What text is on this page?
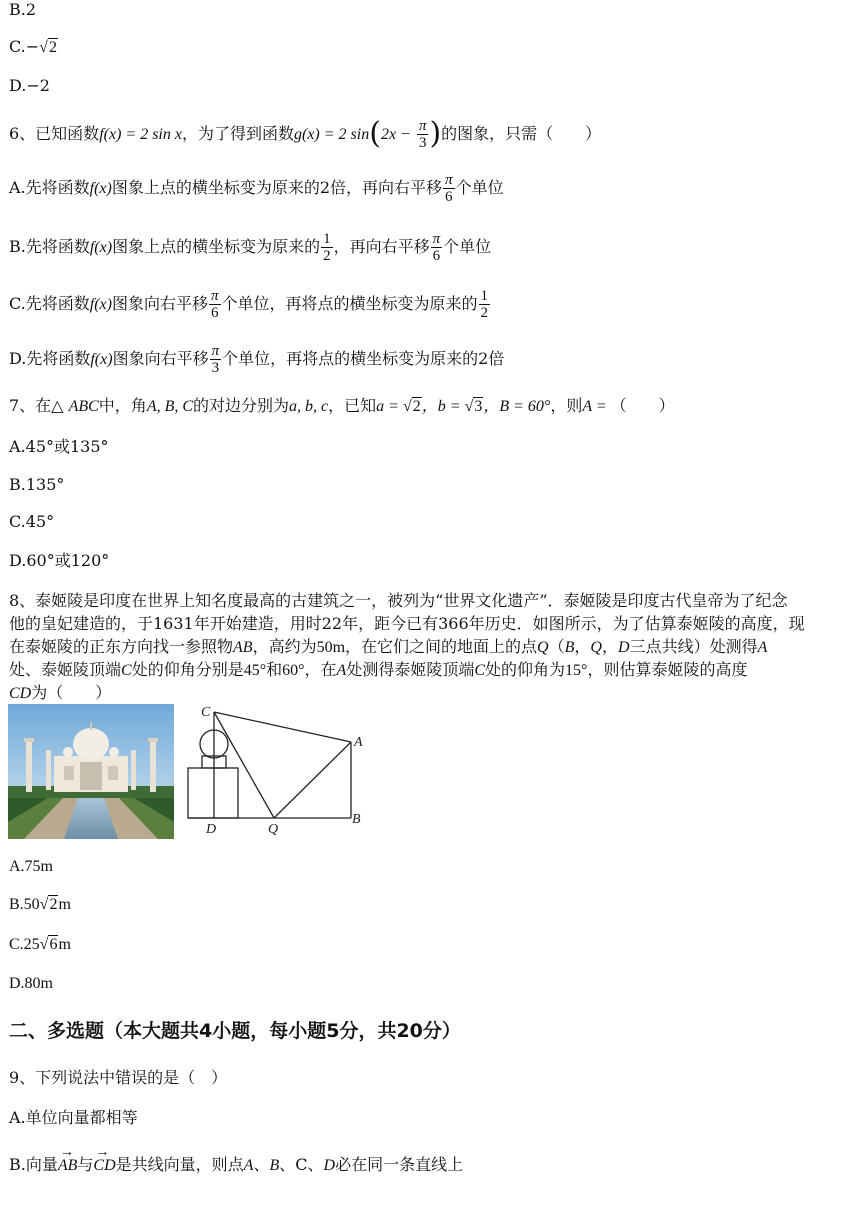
B.2
C.−√2
D.−2
6、已知函数f(x) = 2 sin x，为了得到函数g(x) = 2 $\sin(2x - \frac{\pi}{3}$ )的图象，只需（　　）
A.先将函数f(x)图象上点的横坐标变为原来的2倍，再向右平移 $\frac{\pi}{6}$ 个单位
B.先将函数f(x)图象上点的横坐标变为原来的 $\frac{1}{2}$ ，再向右平移 $\frac{\pi}{6}$ 个单位
C.先将函数f(x)图象向右平移 $\frac{\pi}{6}$ 个单位，再将点的横坐标变为原来的 $\frac{1}{2}$
D.先将函数f(x)图象向右平移 $\frac{\pi}{3}$ 个单位，再将点的横坐标变为原来的2倍
7、在△ ABC中，角A, B, C的对边分别为a, b, c，已知a = √2，b = √3，B = 60°，则A = （　　）
A.45°或135°
B.135°
C.45°
D.60°或120°
8、泰姬陵是印度在世界上知名度最高的古建筑之一，被列为“世界文化遗产”．泰姬陵是印度古代皇帝为了纪念
他的皇妃建造的，于1631年开始建造，用时22年，距今已有366年历史．如图所示，为了估算泰姬陵的高度，现
在泰姬陵的正东方向找一参照物AB，高约为50m，在它们之间的地面上的点Q（B，Q，D三点共线）处测得A
处、泰姬陵顶端C处的仰角分别是45°和60°，在A处测得泰姬陵顶端C处的仰角为15°，则估算泰姬陵的高度
CD为（　　）
C
A
B
D	Q
A.75m
B.50√2m
C.25√6m
D.80m
二、多选题（本大题共4小题，每小题5分，共20分）
9、下列说法中错误的是（　）
A.单位向量都相等
B.向量→ AB与→ CD是共线向量，则点A、B、C、D必在同一条直线上
